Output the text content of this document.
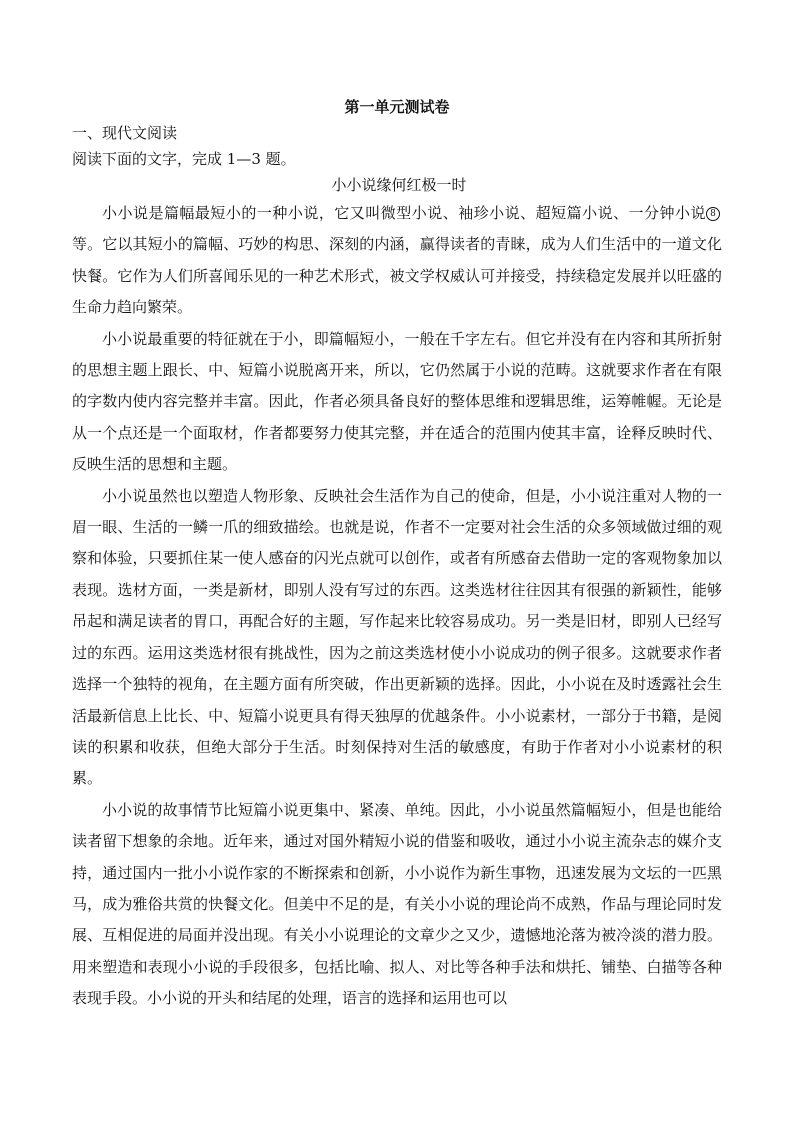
第一单元测试卷
一、现代文阅读
阅读下面的文字，完成 1—3 题。
小小说缘何红极一时

小小说是篇幅最短小的一种小说，它又叫微型小说、袖珍小说、超短篇小说、一分钟小说 8等。它以其短小的篇幅、巧妙的构思、深刻的内涵，赢得读者的青睐，成为人们生活中的一道文化快餐。它作为人们所喜闻乐见的一种艺术形式，被文学权威认可并接受，持续稳定发展并以旺盛的生命力趋向繁荣。

小小说最重要的特征就在于小，即篇幅短小，一般在千字左右。但它并没有在内容和其所折射的思想主题上跟长、中、短篇小说脱离开来，所以，它仍然属于小说的范畴。这就要求作者在有限的字数内使内容完整并丰富。因此，作者必须具备良好的整体思维和逻辑思维，运筹帷幄。无论是从一个点还是一个面取材，作者都要努力使其完整，并在适合的范围内使其丰富，诠释反映时代、反映生活的思想和主题。

小小说虽然也以塑造人物形象、反映社会生活作为自己的使命，但是，小小说注重对人物的一眉一眼、生活的一鳞一爪的细致描绘。也就是说，作者不一定要对社会生活的众多领域做过细的观察和体验，只要抓住某一使人感奋的闪光点就可以创作，或者有所感奋去借助一定的客观物象加以表现。选材方面，一类是新材，即别人没有写过的东西。这类选材往往因其有很强的新颖性，能够吊起和满足读者的胃口，再配合好的主题，写作起来比较容易成功。另一类是旧材，即别人已经写过的东西。运用这类选材很有挑战性，因为之前这类选材使小小说成功的例子很多。这就要求作者选择一个独特的视角，在主题方面有所突破，作出更新颖的选择。因此，小小说在及时透露社会生活最新信息上比长、中、短篇小说更具有得天独厚的优越条件。小小说素材，一部分于书籍，是阅读的积累和收获，但绝大部分于生活。时刻保持对生活的敏感度，有助于作者对小小说素材的积累。

小小说的故事情节比短篇小说更集中、紧凑、单纯。因此，小小说虽然篇幅短小，但是也能给读者留下想象的余地。近年来，通过对国外精短小说的借鉴和吸收，通过小小说主流杂志的媒介支持，通过国内一批小小说作家的不断探索和创新，小小说作为新生事物，迅速发展为文坛的一匹黑马，成为雅俗共赏的快餐文化。但美中不足的是，有关小小说的理论尚不成熟，作品与理论同时发展、互相促进的局面并没出现。有关小小说理论的文章少之又少，遗憾地沦落为被冷淡的潜力股。用来塑造和表现小小说的手段很多，包括比喻、拟人、对比等各种手法和烘托、铺垫、白描等各种表现手段。小小说的开头和结尾的处理，语言的选择和运用也可以
